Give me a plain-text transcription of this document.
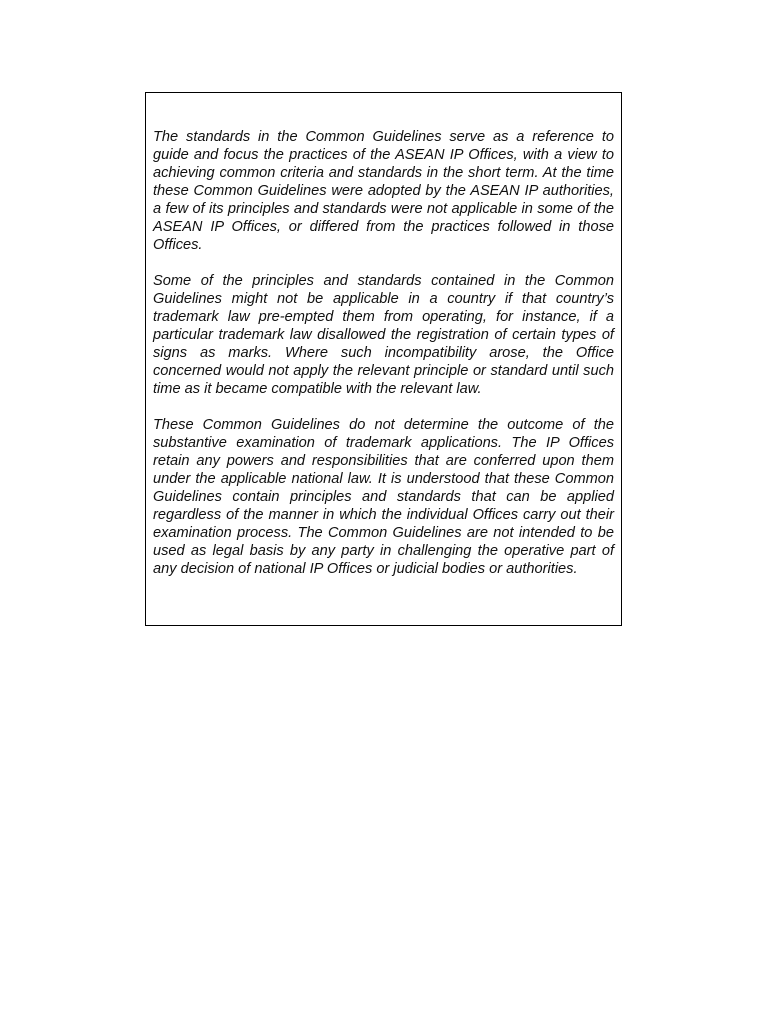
The standards in the Common Guidelines serve as a reference to guide and focus the practices of the ASEAN IP Offices, with a view to achieving common criteria and standards in the short term. At the time these Common Guidelines were adopted by the ASEAN IP authorities, a few of its principles and standards were not applicable in some of the ASEAN IP Offices, or differed from the practices followed in those Offices.

Some of the principles and standards contained in the Common Guidelines might not be applicable in a country if that country’s trademark law pre-empted them from operating, for instance, if a particular trademark law disallowed the registration of certain types of signs as marks. Where such incompatibility arose, the Office concerned would not apply the relevant principle or standard until such time as it became compatible with the relevant law.

These Common Guidelines do not determine the outcome of the substantive examination of trademark applications. The IP Offices retain any powers and responsibilities that are conferred upon them under the applicable national law. It is understood that these Common Guidelines contain principles and standards that can be applied regardless of the manner in which the individual Offices carry out their examination process. The Common Guidelines are not intended to be used as legal basis by any party in challenging the operative part of any decision of national IP Offices or judicial bodies or authorities.
